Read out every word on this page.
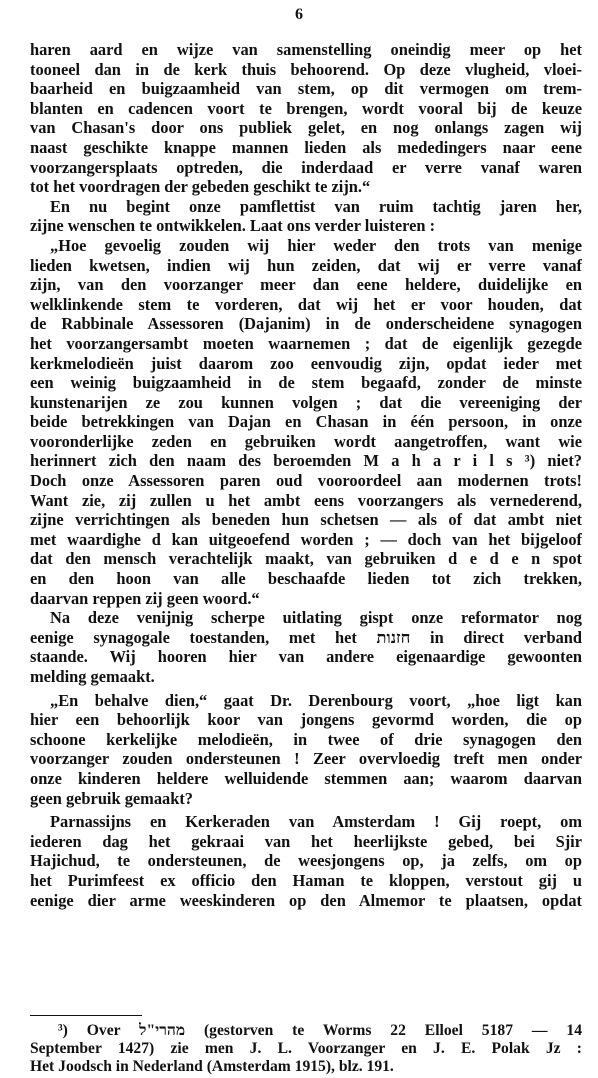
6
haren aard en wijze van samenstelling oneindig meer op het
tooneel dan in de kerk thuis behoorend. Op deze vlugheid, vloei-
baarheid en buigzaamheid van stem, op dit vermogen om trem-
blanten en cadencen voort te brengen, wordt vooral bij de keuze
van Chasan's door ons publiek gelet, en nog onlangs zagen wij
naast geschikte knappe mannen lieden als mededingers naar eene
voorzangersplaats optreden, die inderdaad er verre vanaf waren
tot het voordragen der gebeden geschikt te zijn.“
En nu begint onze pamflettist van ruim tachtig jaren her,
zijne wenschen te ontwikkelen. Laat ons verder luisteren :
„Hoe gevoelig zouden wij hier weder den trots van menige
lieden kwetsen, indien wij hun zeiden, dat wij er verre vanaf
zijn, van den voorzanger meer dan eene heldere, duidelijke en
welklinkende stem te vorderen, dat wij het er voor houden, dat
de Rabbinale Assessoren (Dajanim) in de onderscheidene synagogen
het voorzangersambt moeten waarnemen ; dat de eigenlijk gezegde
kerkmelodieën juist daarom zoo eenvoudig zijn, opdat ieder met
een weinig buigzaamheid in de stem begaafd, zonder de minste
kunstenarijen ze zou kunnen volgen ; dat die vereeniging der
beide betrekkingen van Dajan en Chasan in één persoon, in onze
vooronderlijke zeden en gebruiken wordt aangetroffen, want wie
herinnert zich den naam des beroemden M a h a r i l s ³) niet?
Doch onze Assessoren paren oud vooroordeel aan modernen trots!
Want zie, zij zullen u het ambt eens voorzangers als vernederend,
zijne verrichtingen als beneden hun schetsen — als of dat ambt niet
met waardighe d kan uitgeoefend worden ; — doch van het bijgeloof
dat den mensch verachtelijk maakt, van gebruiken d e d e n spot
en den hoon van alle beschaafde lieden tot zich trekken,
daarvan reppen zij geen woord.“
Na deze venijnig scherpe uitlating gispt onze reformator nog
eenige synagogale toestanden, met het חזנות in direct verband
staande. Wij hooren hier van andere eigenaardige gewoonten
melding gemaakt.
„En behalve dien,“ gaat Dr. Derenbourg voort, „hoe ligt kan
hier een behoorlijk koor van jongens gevormd worden, die op
schoone kerkelijke melodieën, in twee of drie synagogen den
voorzanger zouden ondersteunen ! Zeer overvloedig treft men onder
onze kinderen heldere welluidende stemmen aan; waarom daarvan
geen gebruik gemaakt?
Parnassijns en Kerkeraden van Amsterdam ! Gij roept, om
iederen dag het gekraai van het heerlijkste gebed, bei Sjir
Hajichud, te ondersteunen, de weesjongens op, ja zelfs, om op
het Purimfeest ex officio den Haman te kloppen, verstout gij u
eenige dier arme weeskinderen op den Almemor te plaatsen, opdat
³) Over מהרי"ל (gestorven te Worms 22 Elloel 5187 — 14
September 1427) zie men J. L. Voorzanger en J. E. Polak Jz :
Het Joodsch in Nederland (Amsterdam 1915), blz. 191.
